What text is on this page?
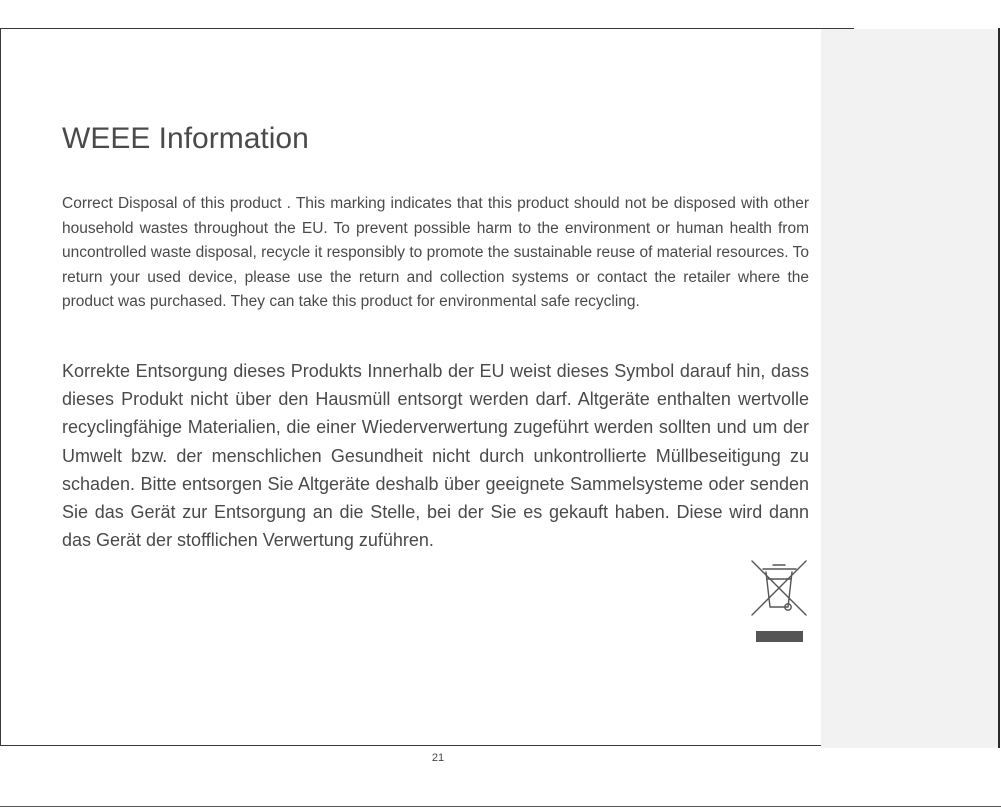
WEEE Information

Correct Disposal of this product . This marking indicates that this product should not be disposed with other household wastes throughout the EU. To prevent possible harm to the environment or human health from uncontrolled waste disposal, recycle it responsibly to promote the sustainable reuse of material resources. To return your used device, please use the return and collection systems or contact the retailer where the product was purchased. They can take this product for environmental safe recycling.

Korrekte Entsorgung dieses Produkts Innerhalb der EU weist dieses Symbol darauf hin, dass dieses Produkt nicht über den Hausmüll entsorgt werden darf. Altgeräte enthalten wertvolle recyclingfähige Materialien, die einer Wiederverwertung zugeführt werden sollten und um der Umwelt bzw. der menschlichen Gesundheit nicht durch unkontrollierte Müllbeseitigung zu schaden. Bitte entsorgen Sie Altgeräte deshalb über geeignete Sammelsysteme oder senden Sie das Gerät zur Entsorgung an die Stelle, bei der Sie es gekauft haben. Diese wird dann das Gerät der stofflichen Verwertung zuführen.

21
